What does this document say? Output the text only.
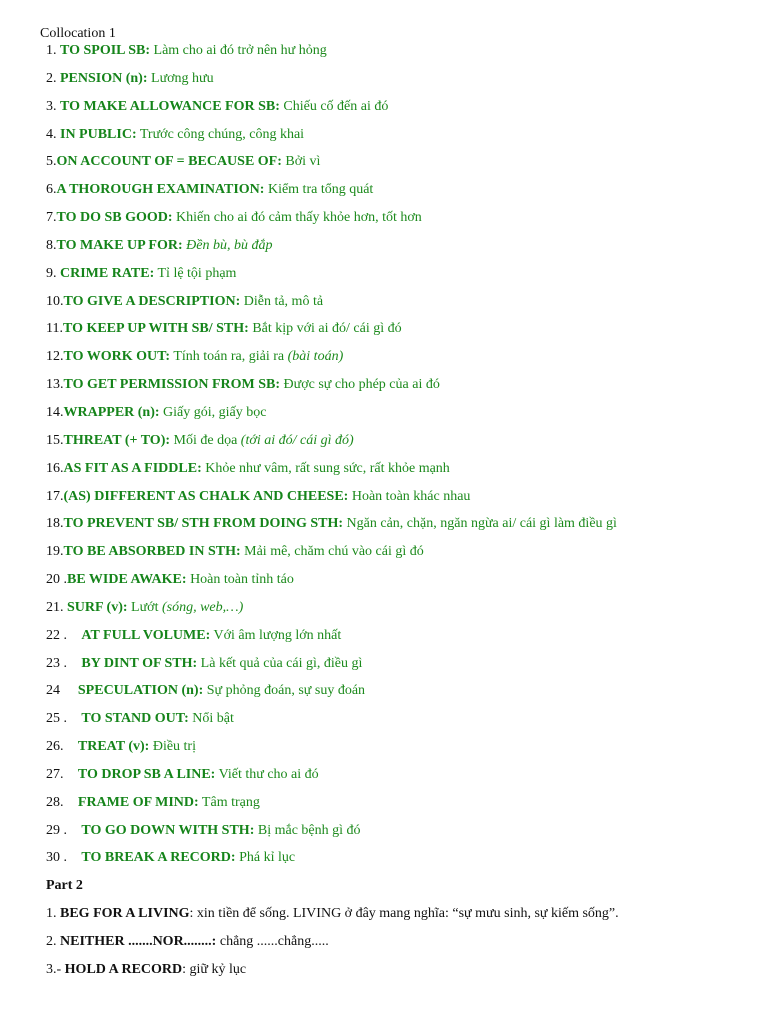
Collocation 1
1. TO SPOIL SB: Làm cho ai đó trở nên hư hỏng
2. PENSION (n): Lương hưu
3. TO MAKE ALLOWANCE FOR SB: Chiếu cố đến ai đó
4. IN PUBLIC: Trước công chúng, công khai
5.ON ACCOUNT OF = BECAUSE OF: Bởi vì
6.A THOROUGH EXAMINATION: Kiểm tra tổng quát
7.TO DO SB GOOD: Khiến cho ai đó cảm thấy khỏe hơn, tốt hơn
8.TO MAKE UP FOR: Đền bù, bù đắp
9. CRIME RATE: Tỉ lệ tội phạm
10.TO GIVE A DESCRIPTION: Diễn tả, mô tả
11.TO KEEP UP WITH SB/ STH: Bắt kịp với ai đó/ cái gì đó
12.TO WORK OUT: Tính toán ra, giải ra (bài toán)
13.TO GET PERMISSION FROM SB: Được sự cho phép của ai đó
14.WRAPPER (n): Giấy gói, giấy bọc
15.THREAT (+ TO): Mối đe dọa (tới ai đó/ cái gì đó)
16.AS FIT AS A FIDDLE: Khỏe như vâm, rất sung sức, rất khỏe mạnh
17.(AS) DIFFERENT AS CHALK AND CHEESE: Hoàn toàn khác nhau
18.TO PREVENT SB/ STH FROM DOING STH: Ngăn cản, chặn, ngăn ngừa ai/ cái gì làm điều gì
19.TO BE ABSORBED IN STH: Mải mê, chăm chú vào cái gì đó
20 .BE WIDE AWAKE: Hoàn toàn tỉnh táo
21. SURF (v): Lướt (sóng, web,…)
22 . AT FULL VOLUME: Với âm lượng lớn nhất
23 . BY DINT OF STH: Là kết quả của cái gì, điều gì
24 SPECULATION (n): Sự phỏng đoán, sự suy đoán
25 . TO STAND OUT: Nổi bật
26. TREAT (v): Điều trị
27. TO DROP SB A LINE: Viết thư cho ai đó
28. FRAME OF MIND: Tâm trạng
29 . TO GO DOWN WITH STH: Bị mắc bệnh gì đó
30 . TO BREAK A RECORD: Phá kỉ lục
Part 2
1. BEG FOR A LIVING: xin tiền để sống. LIVING ở đây mang nghĩa: “sự mưu sinh, sự kiếm sống”.
2. NEITHER .......NOR........: chẳng ......chẳng.....
3.- HOLD A RECORD: giữ kỷ lục
